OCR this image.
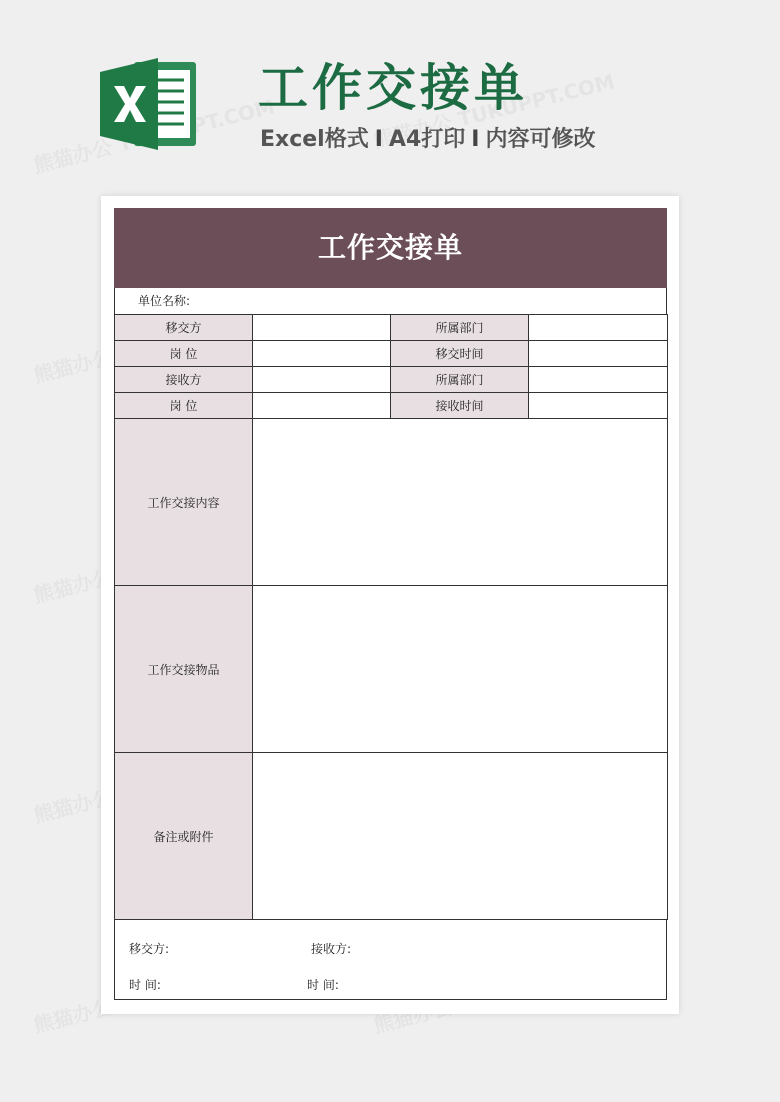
工作交接单
Excel格式 I A4打印 I 内容可修改
工作交接单
单位名称:
移交方		所属部门	
岗 位		移交时间	
接收方		所属部门	
岗 位		接收时间	
工作交接内容			
工作交接物品			
备注或附件			
移交方:	接收方:
时 间:	时 间:
